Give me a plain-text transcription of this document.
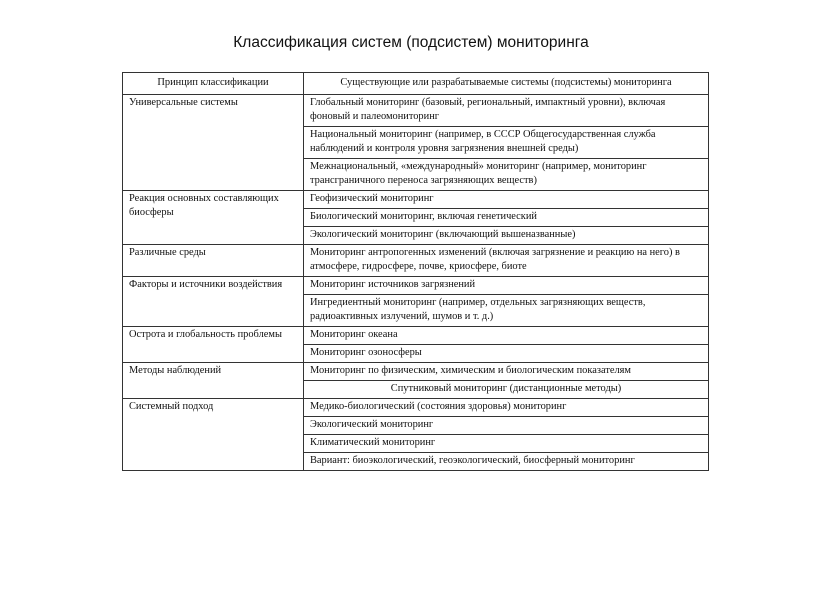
Классификация систем (подсистем) мониторинга
Принцип классификации	Существующие или разрабатываемые системы (подсистемы) мониторинга
Универсальные системы	Глобальный мониторинг (базовый, региональный, импактный уровни), включая фоновый и палеомониторинг
	Национальный мониторинг (например, в СССР Общегосударственная служба наблюдений и контроля уровня загрязнения внешней среды)
	Межнациональный, «международный» мониторинг (например, мониторинг трансграничного переноса загрязняющих веществ)
Реакция основных составляющих биосферы	Геофизический мониторинг
	Биологический мониторинг, включая генетический
	Экологический мониторинг (включающий вышеназванные)
Различные среды	Мониторинг антропогенных изменений (включая загрязнение и реакцию на него) в атмосфере, гидросфере, почве, криосфере, биоте
Факторы и источники воздействия	Мониторинг источников загрязнений
	Ингредиентный мониторинг (например, отдельных загрязняющих веществ, радиоактивных излучений, шумов и т. д.)
Острота и глобальность проблемы	Мониторинг океана
	Мониторинг озоносферы
Методы наблюдений	Мониторинг по физическим, химическим и биологическим показателям
	Спутниковый мониторинг (дистанционные методы)
Системный подход	Медико-биологический (состояния здоровья) мониторинг
	Экологический мониторинг
	Климатический мониторинг
	Вариант: биоэкологический, геоэкологический, биосферный мониторинг
